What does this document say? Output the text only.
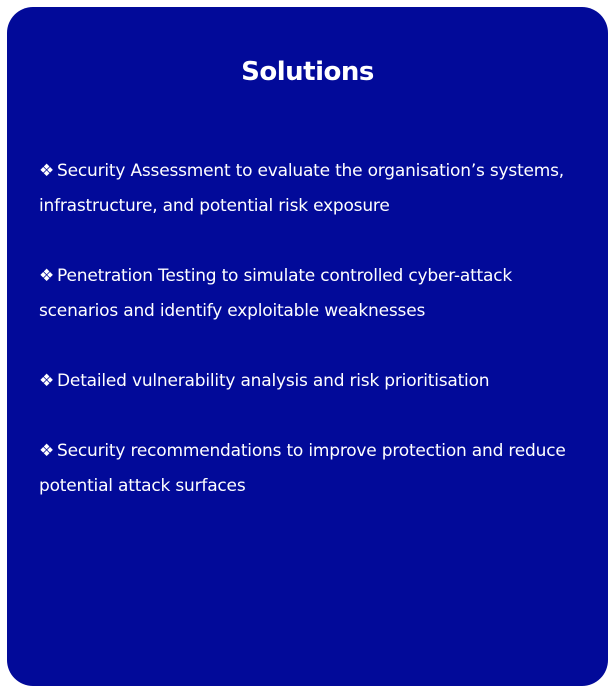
Solutions
❖ Security Assessment to evaluate the organisation’s systems, infrastructure, and potential risk exposure
❖ Penetration Testing to simulate controlled cyber-attack scenarios and identify exploitable weaknesses
❖ Detailed vulnerability analysis and risk prioritisation
❖ Security recommendations to improve protection and reduce potential attack surfaces
